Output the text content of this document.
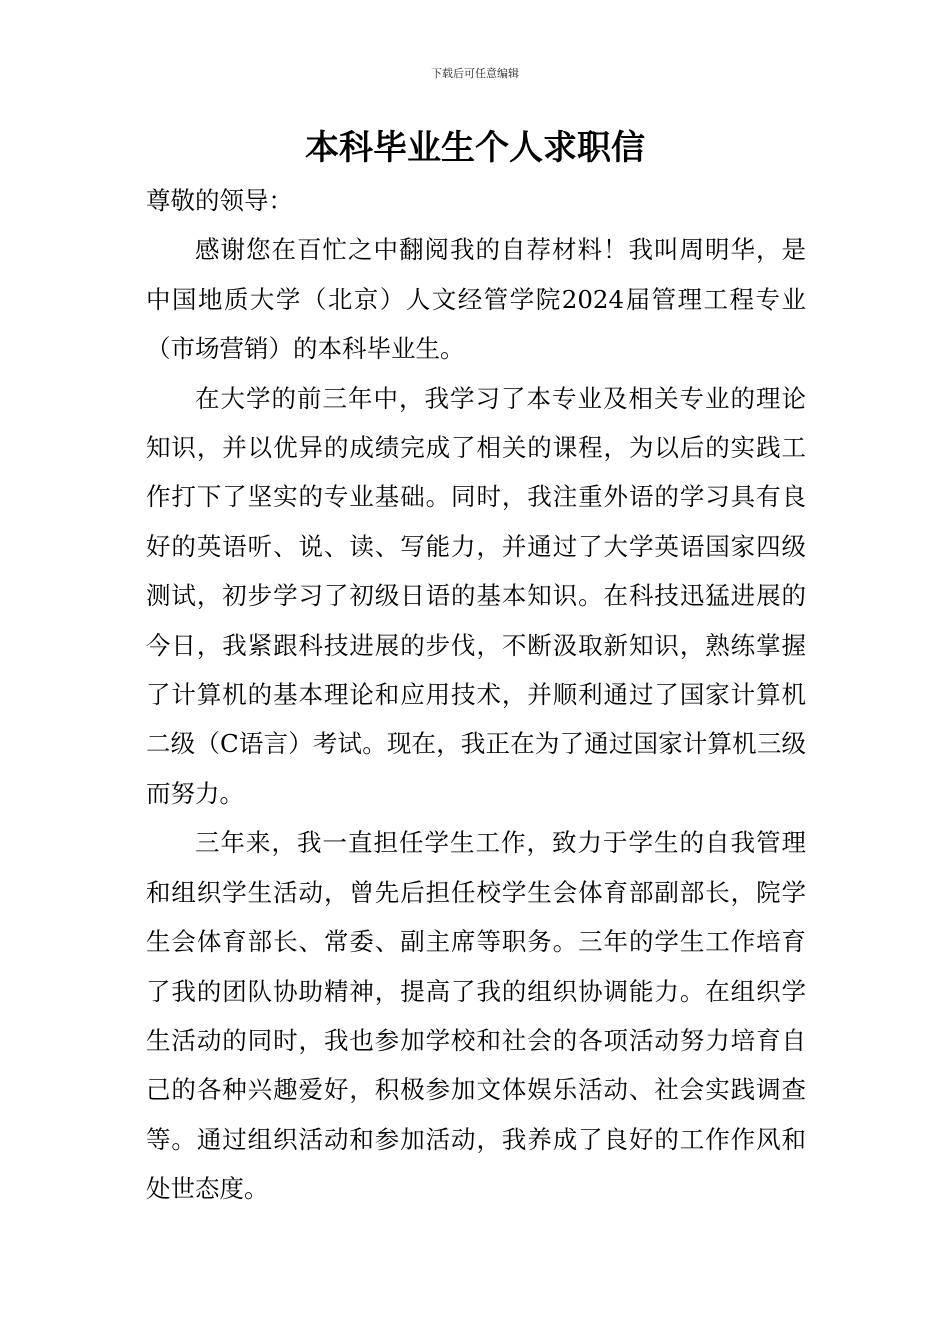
下载后可任意编辑
本科毕业生个人求职信

尊敬的领导：

感谢您在百忙之中翻阅我的自荐材料！我叫周明华，是中国地质大学（北京）人文经管学院2024届管理工程专业（市场营销）的本科毕业生。

在大学的前三年中，我学习了本专业及相关专业的理论知识，并以优异的成绩完成了相关的课程，为以后的实践工作打下了坚实的专业基础。同时，我注重外语的学习具有良好的英语听、说、读、写能力，并通过了大学英语国家四级测试，初步学习了初级日语的基本知识。在科技迅猛进展的今日，我紧跟科技进展的步伐，不断汲取新知识，熟练掌握了计算机的基本理论和应用技术，并顺利通过了国家计算机二级（C语言）考试。现在，我正在为了通过国家计算机三级而努力。

三年来，我一直担任学生工作，致力于学生的自我管理和组织学生活动，曾先后担任校学生会体育部副部长，院学生会体育部长、常委、副主席等职务。三年的学生工作培育了我的团队协助精神，提高了我的组织协调能力。在组织学生活动的同时，我也参加学校和社会的各项活动努力培育自己的各种兴趣爱好，积极参加文体娱乐活动、社会实践调查等。通过组织活动和参加活动，我养成了良好的工作作风和处世态度。
